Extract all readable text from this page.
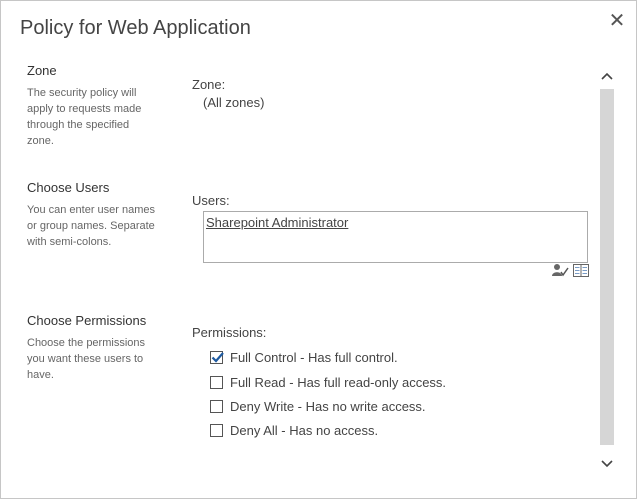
Policy for Web Application	✕
Zone
The security policy will apply to requests made through the specified zone.
Zone:
(All zones)
Choose Users
You can enter user names or group names. Separate with semi-colons.
Users:
Sharepoint Administrator
Choose Permissions
Choose the permissions you want these users to have.
Permissions:
Full Control - Has full control.
Full Read - Has full read-only access.
Deny Write - Has no write access.
Deny All - Has no access.
